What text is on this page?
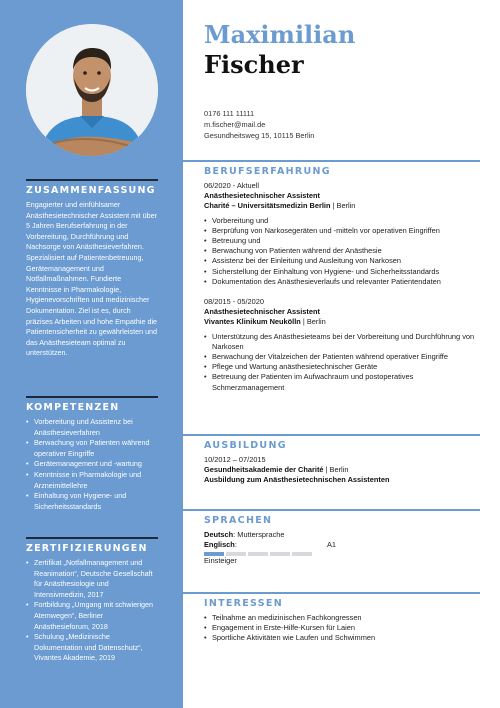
ZUSAMMENFASSUNG

Engagierter und einfühlsamer Anästhesietechnischer Assistent mit über 5 Jahren Berufserfahrung in der Vorbereitung, Durchführung und Nachsorge von Anästhesieverfahren. Spezialisiert auf Patientenbetreuung, Gerätemanagement und Notfallmaßnahmen. Fundierte Kenntnisse in Pharmakologie, Hygienevorschriften und medizinischer Dokumentation. Ziel ist es, durch präzises Arbeiten und hohe Empathie die Patientensicherheit zu gewährleisten und das Anästhesieteam optimal zu unterstützen.

KOMPETENZEN
• Vorbereitung und Assistenz bei Anästhesieverfahren
• Berwachung von Patienten während operativer Eingriffe
• Gerätemanagement und -wartung
• Kenntnisse in Pharmakologie und Arzneimittellehre
• Einhaltung von Hygiene- und Sicherheitsstandards
ZERTIFIZIERUNGEN
• Zertifikat „Notfallmanagement und Reanimation“, Deutsche Gesellschaft für Anästhesiologie und Intensivmedizin, 2017
• Fortbildung „Umgang mit schwierigen Atemwegen“, Berliner Anästhesieforum, 2018
• Schulung „Medizinische Dokumentation und Datenschutz“, Vivantes Akademie, 2019
Maximilian
Fischer
0176 111 11111
m.fischer@mail.de
Gesundheitsweg 15, 10115 Berlin
BERUFSERFAHRUNG
06/2020 - Aktuell
Anästhesietechnischer Assistent
Charité – Universitätsmedizin Berlin | Berlin
• Vorbereitung und
• Berprüfung von Narkosegeräten und -mitteln vor operativen Eingriffen
• Betreuung und
• Berwachung von Patienten während der Anästhesie
• Assistenz bei der Einleitung und Ausleitung von Narkosen
• Sicherstellung der Einhaltung von Hygiene- und Sicherheitsstandards
• Dokumentation des Anästhesieverlaufs und relevanter Patientendaten
08/2015 - 05/2020
Anästhesietechnischer Assistent
Vivantes Klinikum Neukölln | Berlin
• Unterstützung des Anästhesieteams bei der Vorbereitung und Durchführung von Narkosen
• Berwachung der Vitalzeichen der Patienten während operativer Eingriffe
• Pflege und Wartung anästhesietechnischer Geräte
• Betreuung der Patienten im Aufwachraum und postoperatives Schmerzmanagement
AUSBILDUNG
10/2012 – 07/2015
Gesundheitsakademie der Charité | Berlin
Ausbildung zum Anästhesietechnischen Assistenten
SPRACHEN
Deutsch: Muttersprache
Englisch :	A1
Einsteiger
INTERESSEN
• Teilnahme an medizinischen Fachkongressen
• Engagement in Erste-Hilfe-Kursen für Laien
• Sportliche Aktivitäten wie Laufen und Schwimmen
